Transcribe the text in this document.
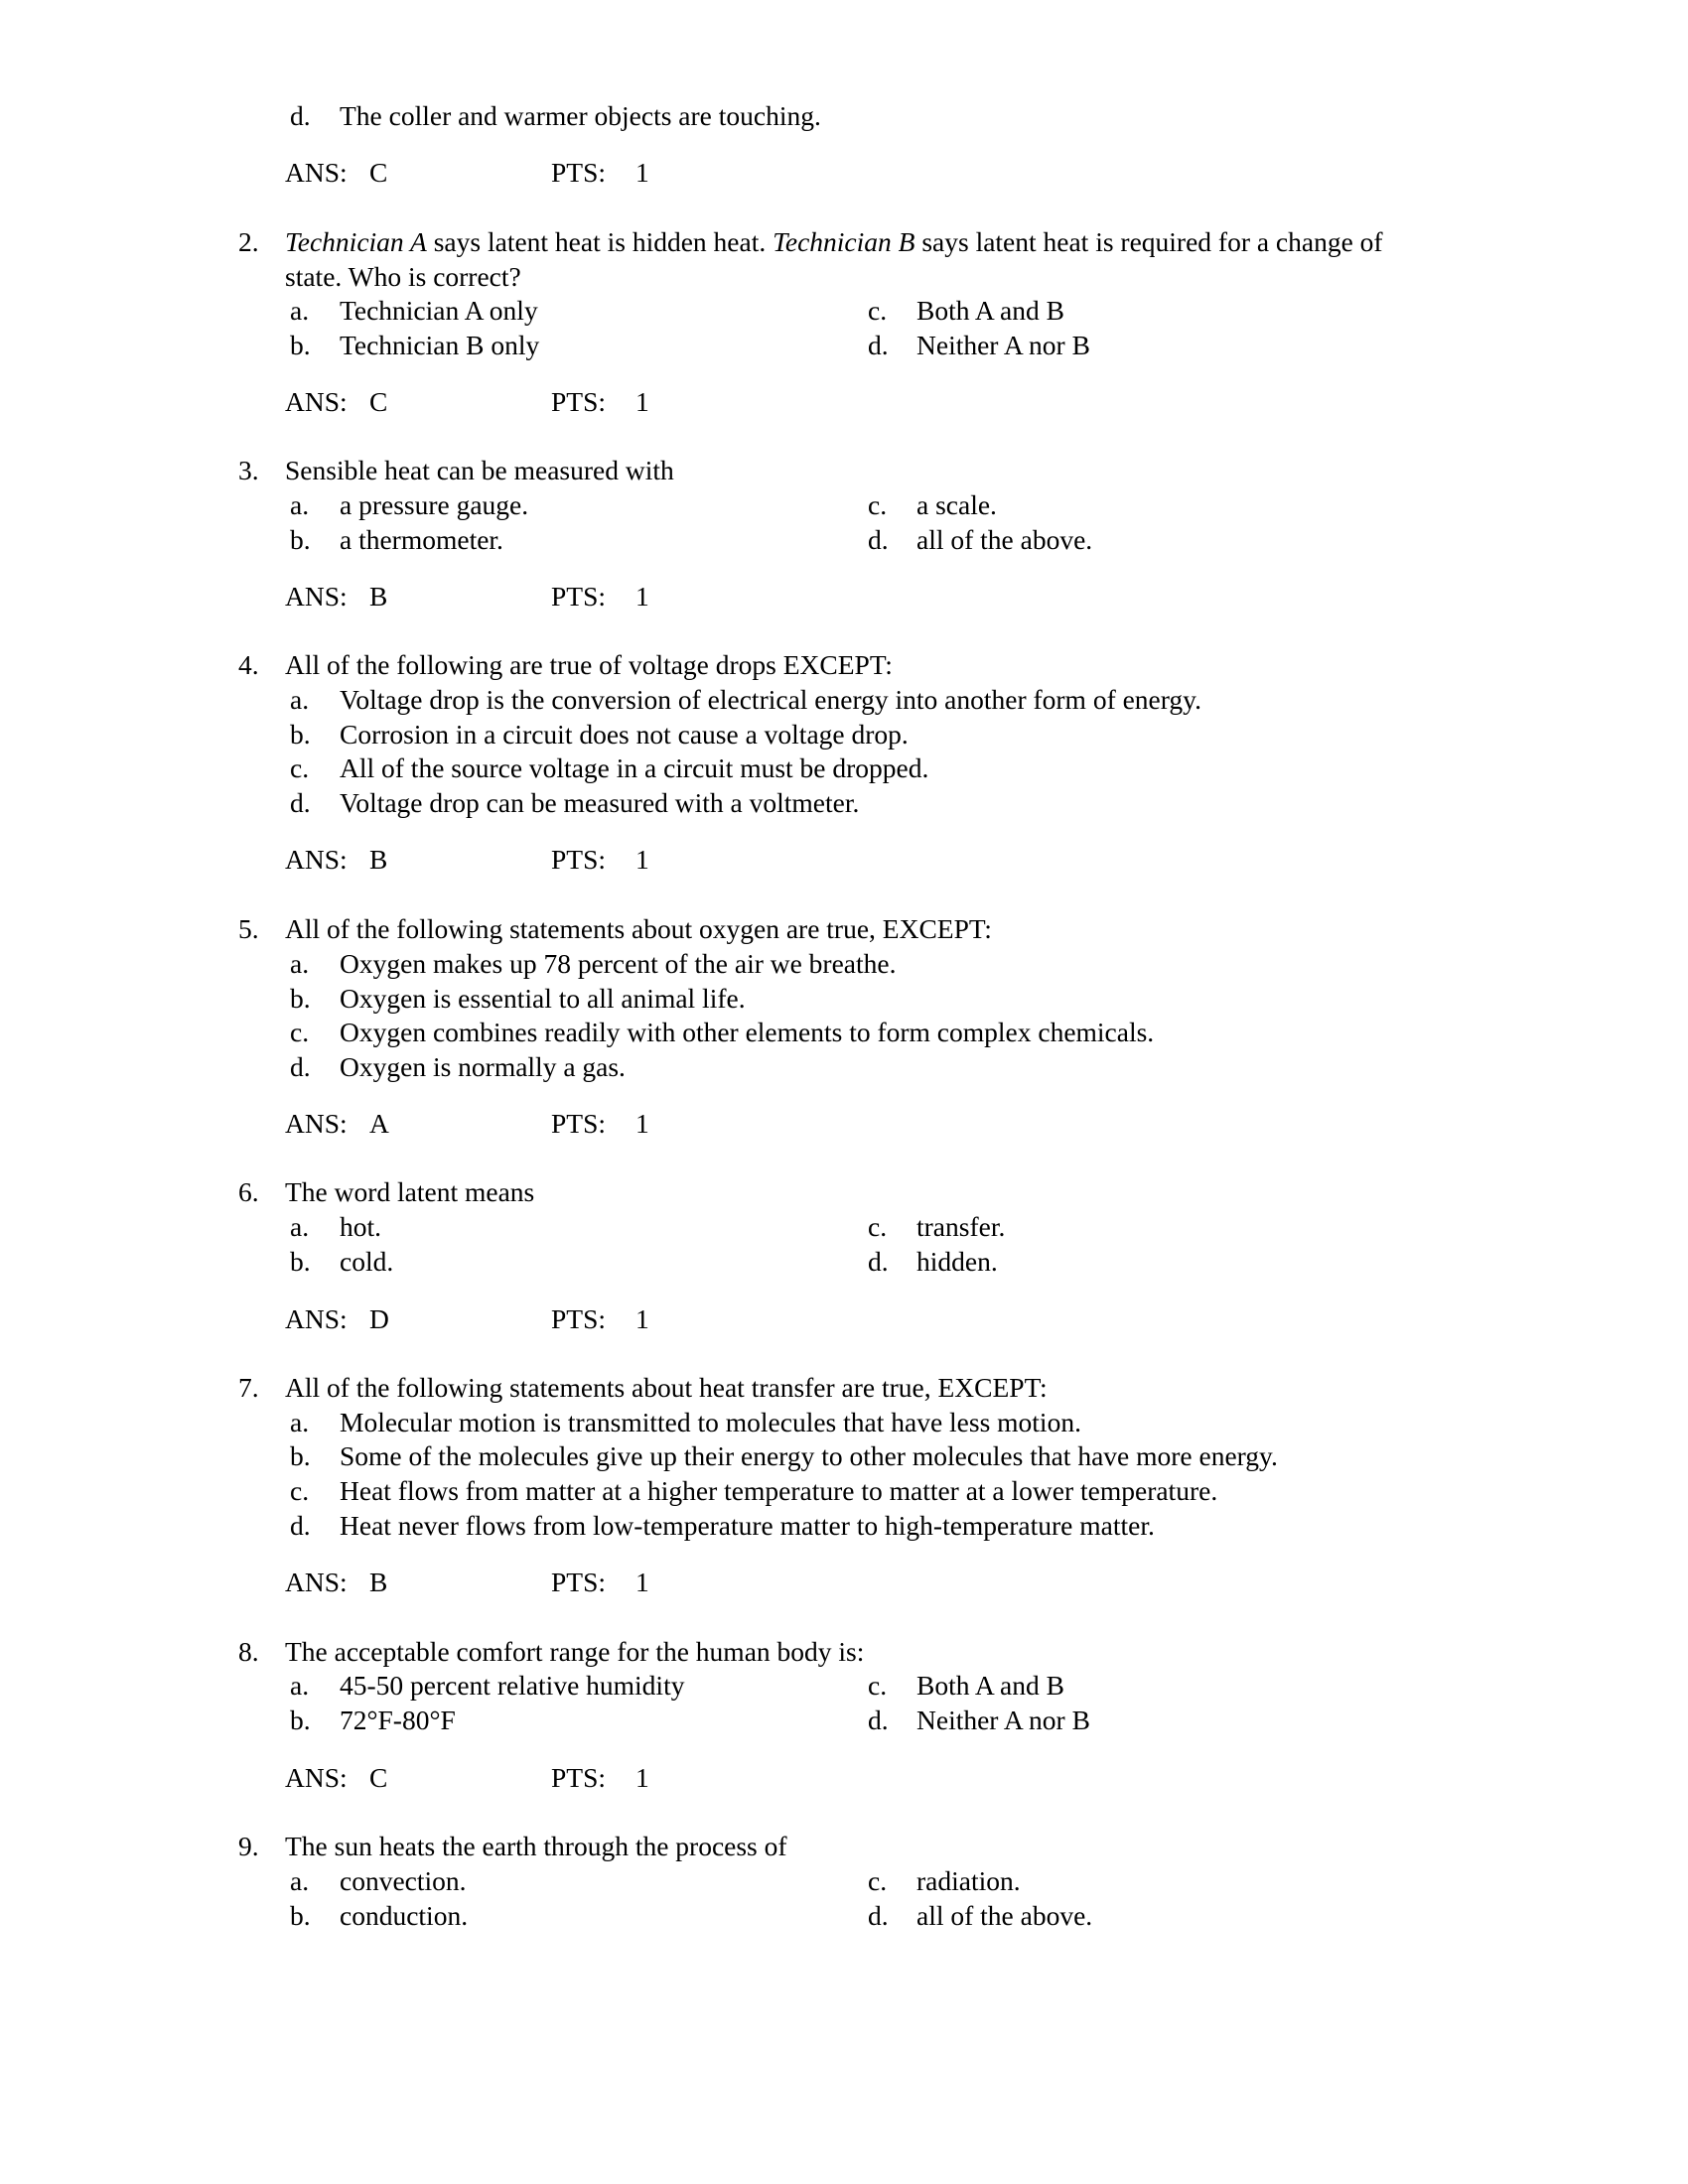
d. The coller and warmer objects are touching.
ANS: C	PTS: 1
2. Technician A says latent heat is hidden heat. Technician B says latent heat is required for a change of
state. Who is correct?
a. Technician A only	c. Both A and B
b. Technician B only	d. Neither A nor B
ANS: C	PTS: 1
3. Sensible heat can be measured with
a. a pressure gauge.	c. a scale.
b. a thermometer.	d. all of the above.
ANS: B	PTS: 1
4. All of the following are true of voltage drops EXCEPT:
a. Voltage drop is the conversion of electrical energy into another form of energy.
b. Corrosion in a circuit does not cause a voltage drop.
c. All of the source voltage in a circuit must be dropped.
d. Voltage drop can be measured with a voltmeter.
ANS: B	PTS: 1
5. All of the following statements about oxygen are true, EXCEPT:
a. Oxygen makes up 78 percent of the air we breathe.
b. Oxygen is essential to all animal life.
c. Oxygen combines readily with other elements to form complex chemicals.
d. Oxygen is normally a gas.
ANS: A	PTS: 1
6. The word latent means
a. hot.	c. transfer.
b. cold.	d. hidden.
ANS: D	PTS: 1
7. All of the following statements about heat transfer are true, EXCEPT:
a. Molecular motion is transmitted to molecules that have less motion.
b. Some of the molecules give up their energy to other molecules that have more energy.
c. Heat flows from matter at a higher temperature to matter at a lower temperature.
d. Heat never flows from low-temperature matter to high-temperature matter.
ANS: B	PTS: 1
8. The acceptable comfort range for the human body is:
a. 45-50 percent relative humidity	c. Both A and B
b. 72°F-80°F	d. Neither A nor B
ANS: C	PTS: 1
9. The sun heats the earth through the process of
a. convection.	c. radiation.
b. conduction.	d. all of the above.
